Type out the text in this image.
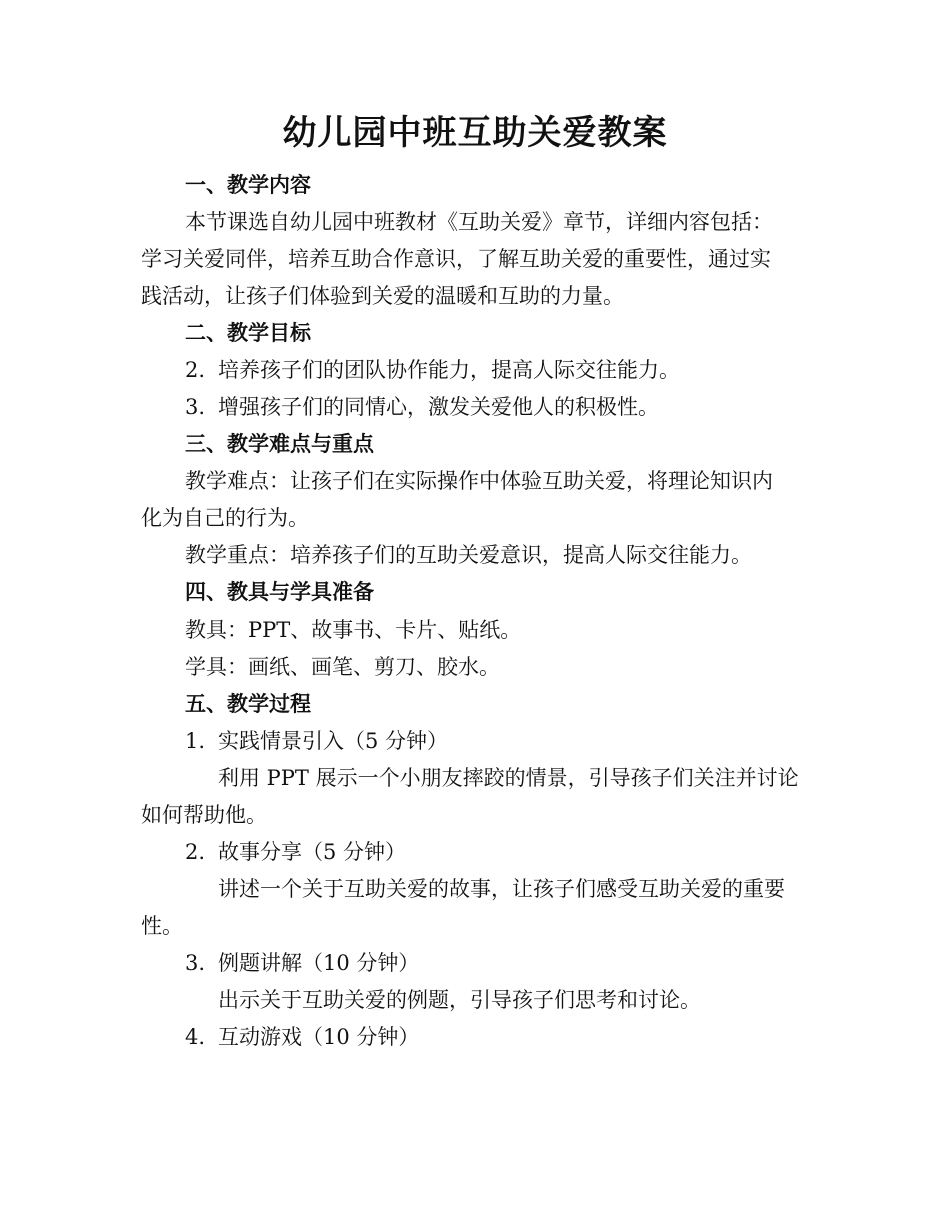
幼儿园中班互助关爱教案
一、教学内容
本节课选自幼儿园中班教材《互助关爱》章节，详细内容包括：
学习关爱同伴，培养互助合作意识，了解互助关爱的重要性，通过实
践活动，让孩子们体验到关爱的温暖和互助的力量。
二、教学目标
2. 培养孩子们的团队协作能力，提高人际交往能力。
3. 增强孩子们的同情心，激发关爱他人的积极性。
三、教学难点与重点
教学难点：让孩子们在实际操作中体验互助关爱，将理论知识内
化为自己的行为。
教学重点：培养孩子们的互助关爱意识，提高人际交往能力。
四、教具与学具准备
教具：PPT、故事书、卡片、贴纸。
学具：画纸、画笔、剪刀、胶水。
五、教学过程
1. 实践情景引入（5 分钟）
利用 PPT 展示一个小朋友摔跤的情景，引导孩子们关注并讨论
如何帮助他。
2. 故事分享（5 分钟）
讲述一个关于互助关爱的故事，让孩子们感受互助关爱的重要
性。
3. 例题讲解（10 分钟）
出示关于互助关爱的例题，引导孩子们思考和讨论。
4. 互动游戏（10 分钟）
